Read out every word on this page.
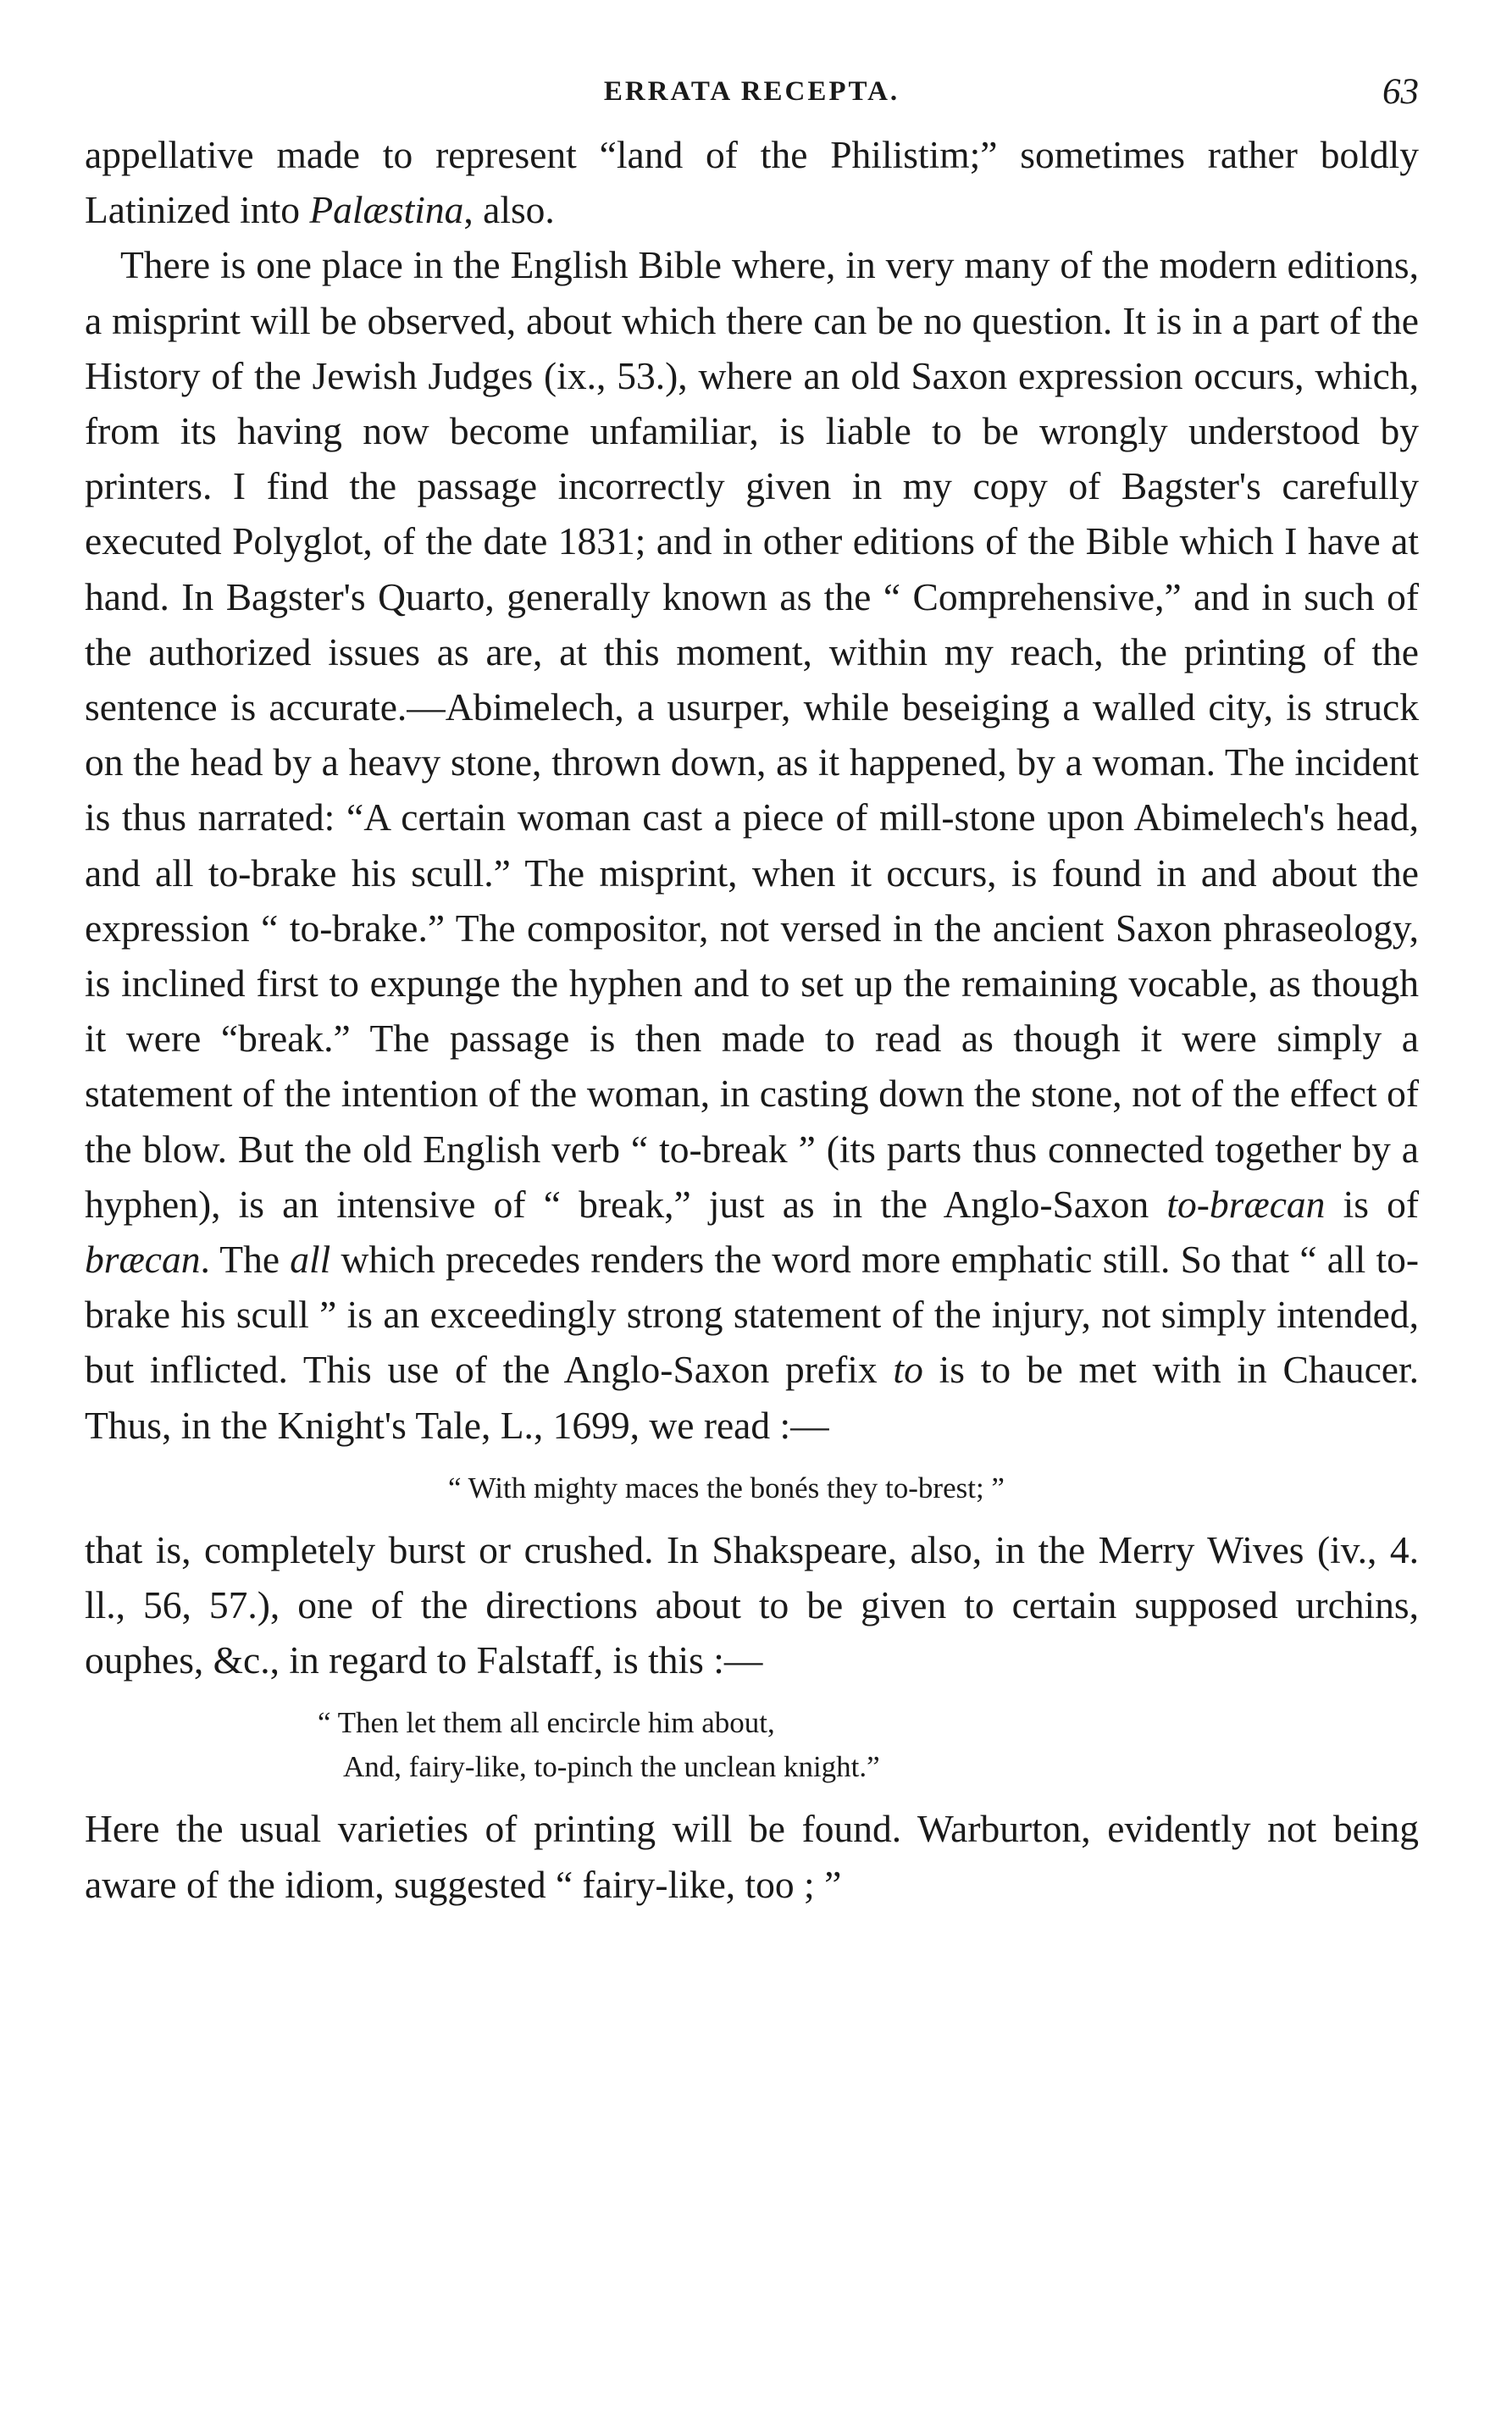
ERRATA RECEPTA.	63

appellative made to represent “land of the Philistim;” sometimes rather boldly Latinized into Palæstina, also.

There is one place in the English Bible where, in very many of the modern editions, a misprint will be observed, about which there can be no question. It is in a part of the History of the Jewish Judges (ix., 53.), where an old Saxon expression occurs, which, from its having now become unfamiliar, is liable to be wrongly understood by printers. I find the passage incorrectly given in my copy of Bagster's carefully executed Polyglot, of the date 1831; and in other editions of the Bible which I have at hand. In Bagster's Quarto, generally known as the “ Comprehensive,” and in such of the authorized issues as are, at this moment, within my reach, the printing of the sentence is accurate.—Abimelech, a usurper, while beseiging a walled city, is struck on the head by a heavy stone, thrown down, as it happened, by a woman. The incident is thus narrated: “A certain woman cast a piece of mill-stone upon Abimelech's head, and all to-brake his scull.” The misprint, when it occurs, is found in and about the expression “ to-brake.” The compositor, not versed in the ancient Saxon phraseology, is inclined first to expunge the hyphen and to set up the remaining vocable, as though it were “break.” The passage is then made to read as though it were simply a statement of the intention of the woman, in casting down the stone, not of the effect of the blow. But the old English verb “ to-break ” (its parts thus connected together by a hyphen), is an intensive of “ break,” just as in the Anglo-Saxon to-bræcan is of bræcan. The all which precedes renders the word more emphatic still. So that “ all to-brake his scull ” is an exceedingly strong statement of the injury, not simply intended, but inflicted. This use of the Anglo-Saxon prefix to is to be met with in Chaucer. Thus, in the Knight's Tale, L., 1699, we read :—

“ With mighty maces the bonés they to-brest; ”

that is, completely burst or crushed. In Shakspeare, also, in the Merry Wives (iv., 4. ll., 56, 57.), one of the directions about to be given to certain supposed urchins, ouphes, &c., in regard to Falstaff, is this :—

“ Then let them all encircle him about,
And, fairy-like, to-pinch the unclean knight.”

Here the usual varieties of printing will be found. Warburton, evidently not being aware of the idiom, suggested “ fairy-like, too ; ”
